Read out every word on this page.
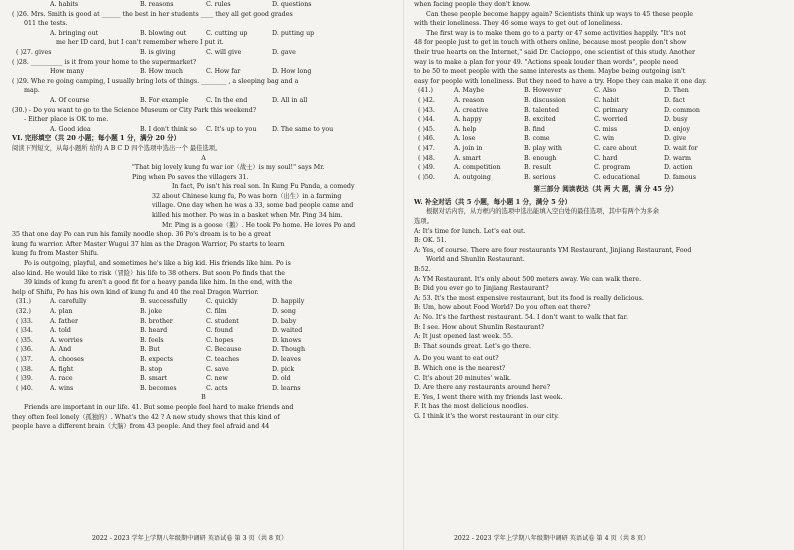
A. habits	B. reasons	C. rules	D. questions
( )26. Mrs. Smith is good at ______ the best in her students ____ they all get good grades
011 the tests.
A. bringing out	B. blowing out	C. cutting up	D. putting up
me her ID card, but I can't remember where I put it.
( )27. gives	B. is giving	C. will give	D. gave
( )28. __________ is it from your home to the supermarket?
How many	B. How much	C. How far	D. How long
( )29. Whe re going camping, I usually bring lots of things. ________ , a sleeping bag and a
map.
A. Of course	B. For example	C. In the end	D. All in all
(30.) - Do you want to go to the Science Museum or City Park this weekend?
- Either place is OK to me.
A. Good idea	B. I don't think so	C. It's up to you	D. The same to you
VI. 完形填空（共 20 小题；每小题 1 分，满分 20 分）
阅读下列短文，从每小题所 给的 A B C D 四个选项中选出一个 最佳选项。
A
"That big lovely kung fu war ior（战士）is my soul!" says Mr.
Ping when Po saves the villagers 31.
In fact, Po isn't his real son. In Kung Fu Panda, a comedy
32 about Chinese kung fu, Po was born（出生）in a farming
village. One day when he was a 33, some bad people came and
killed his mother. Po was in a basket when Mr. Ping 34 him.
Mr. Ping is a goose（鹅）. He took Po home. He loves Po and
35 that one day Po can run his family noodle shop. 36 Po's dream is to be a great
kung fu warrior. After Master Wugui 37 him as the Dragon Warrior, Po starts to learn
kung fu from Master Shifu.
Po is outgoing, playful, and sometimes he's like a big kid. His friends like him. Po is
also kind. He would like to risk（冒险）his life to 38 others. But soon Po finds that the
39 kinds of kung fu aren't a good fit for a heavy panda like him. In the end, with the
help of Shifu, Po has his own kind of kung fu and 40 the real Dragon Warrior.
(31.)	A. carefully	B. successfully	C. quickly	D. happily
(32.)	A. plan	B. joke	C. film	D. song
( )33.	A. father	B. brother	C. student	D. baby
( )34.	A. told	B. heard	C. found	D. waited
( )35.	A. worries	B. feels	C. hopes	D. knows
( )36.	A. And	B. But	C. Because	D. Though
( )37.	A. chooses	B. expects	C. teaches	D. leaves
( )38.	A. fight	B. stop	C. save	D. pick
( )39.	A. race	B. smart	C. new	D. old
( )40.	A. wins	B. becomes	C. acts	D. learns
B
Friends are important in our life. 41. But some people feel hard to make friends and
they often feel lonely（孤独的）. What's the 42 ? A new study shows that this kind of
people have a different brain（大脑）from 43 people. And they feel afraid and 44
2022 - 2023 学年上学期八年级期中调研 英语试卷 第 3 页（共 8 页）
when facing people they don't know.
Can these people become happy again? Scientists think up ways to 45 these people
with their loneliness. They 46 some ways to get out of loneliness.
The first way is to make them go to a party or 47 some activities happily. "It's not
48 for people just to get in touch with others online, because most people don't show
their true hearts on the Internet," said Dr. Cacioppo, one scientist of this study. Another
way is to make a plan for your 49. "Actions speak louder than words", people need
to be 50 to meet people with the same interests as them. Maybe being outgoing isn't
easy for people with loneliness. But they need to have a try. Hope they can make it one day.
(41.)	A. Maybe	B. However	C. Also	D. Then
( )42.	A. reason	B. discussion	C. habit	D. fact
( )43.	A. creative	B. talented	C. primary	D. common
( )44.	A. happy	B. excited	C. worried	D. busy
( )45.	A. help	B. find	C. miss	D. enjoy
( )46.	A. lose	B. come	C. win	D. give
( )47.	A. join in	B. play with	C. care about	D. wait for
( )48.	A. smart	B. enough	C. hard	D. warm
( )49.	A. competition	B. result	C. program	D. action
( )50.	A. outgoing	B. serious	C. educational	D. famous
第三部分 阅读表达（共 两 大 题，满 分 45 分）
W. 补全对话（共 5 小题，每小题 1 分，满分 5 分）
根据对话内容，从方框内的选项中选出能填入空白处的最佳选项，其中有两个为多余
选项。
A: It's time for lunch. Let's eat out.
B: OK. 51.
A: Yes, of course. There are four restaurants YM Restaurant, Jinjiang Restaurant, Food
World and Shunlin Restaurant.
B:52.
A: YM Restaurant. It's only about 500 meters away. We can walk there.
B: Did you ever go to Jinjiang Restaurant?
A: 53. It's the most expensive restaurant, but its food is really delicious.
B: Um, how about Food World? Do you often eat there?
A: No. It's the farthest restaurant. 54. I don't want to walk that far.
B: I see. How about Shunlin Restaurant?
A: It just opened last week. 55.
B: That sounds great. Let's go there.
A. Do you want to eat out?
B. Which one is the nearest?
C. It's about 20 minutes' walk.
D. Are there any restaurants around here?
E. Yes, I went there with my friends last week.
F. It has the most delicious noodles.
G. I think it's the worst restaurant in our city.
2022 - 2023 学年上学期八年级期中调研 英语试卷 第 4 页（共 8 页）
